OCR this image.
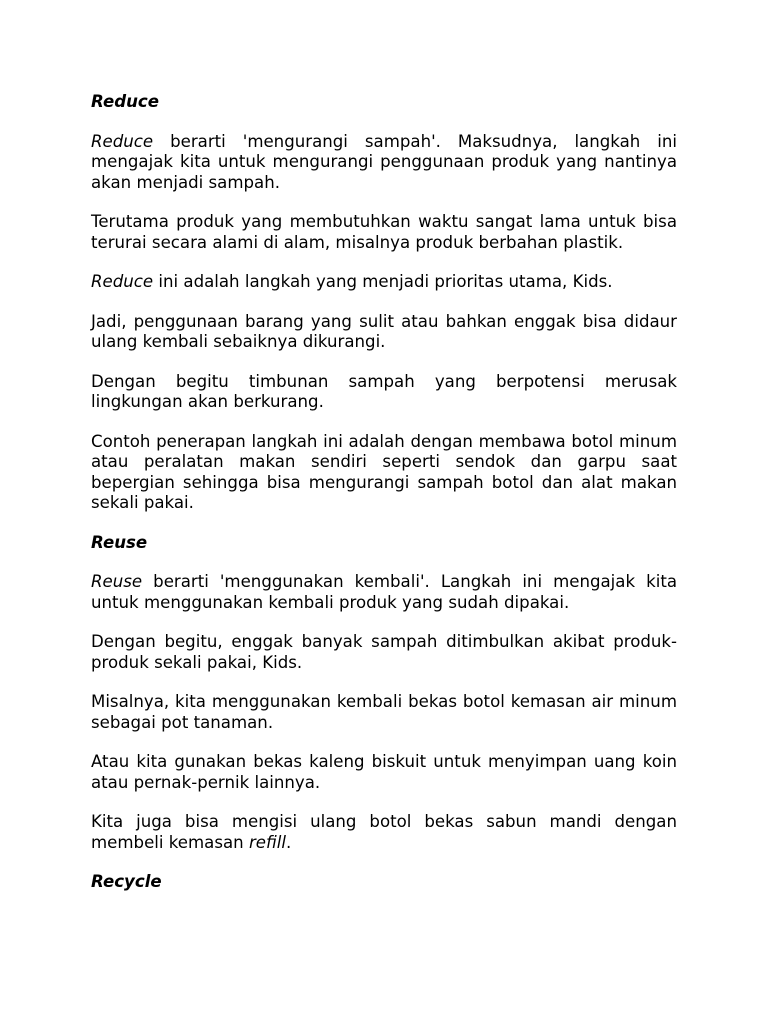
Reduce

Reduce berarti 'mengurangi sampah'. Maksudnya, langkah ini mengajak kita untuk mengurangi penggunaan produk yang nantinya akan menjadi sampah.

Terutama produk yang membutuhkan waktu sangat lama untuk bisa terurai secara alami di alam, misalnya produk berbahan plastik.

Reduce ini adalah langkah yang menjadi prioritas utama, Kids.

Jadi, penggunaan barang yang sulit atau bahkan enggak bisa didaur ulang kembali sebaiknya dikurangi.

Dengan begitu timbunan sampah yang berpotensi merusak lingkungan akan berkurang.

Contoh penerapan langkah ini adalah dengan membawa botol minum atau peralatan makan sendiri seperti sendok dan garpu saat bepergian sehingga bisa mengurangi sampah botol dan alat makan sekali pakai.

Reuse

Reuse berarti 'menggunakan kembali'. Langkah ini mengajak kita untuk menggunakan kembali produk yang sudah dipakai.

Dengan begitu, enggak banyak sampah ditimbulkan akibat produk-produk sekali pakai, Kids.

Misalnya, kita menggunakan kembali bekas botol kemasan air minum sebagai pot tanaman.

Atau kita gunakan bekas kaleng biskuit untuk menyimpan uang koin atau pernak-pernik lainnya.

Kita juga bisa mengisi ulang botol bekas sabun mandi dengan membeli kemasan refill.

Recycle
